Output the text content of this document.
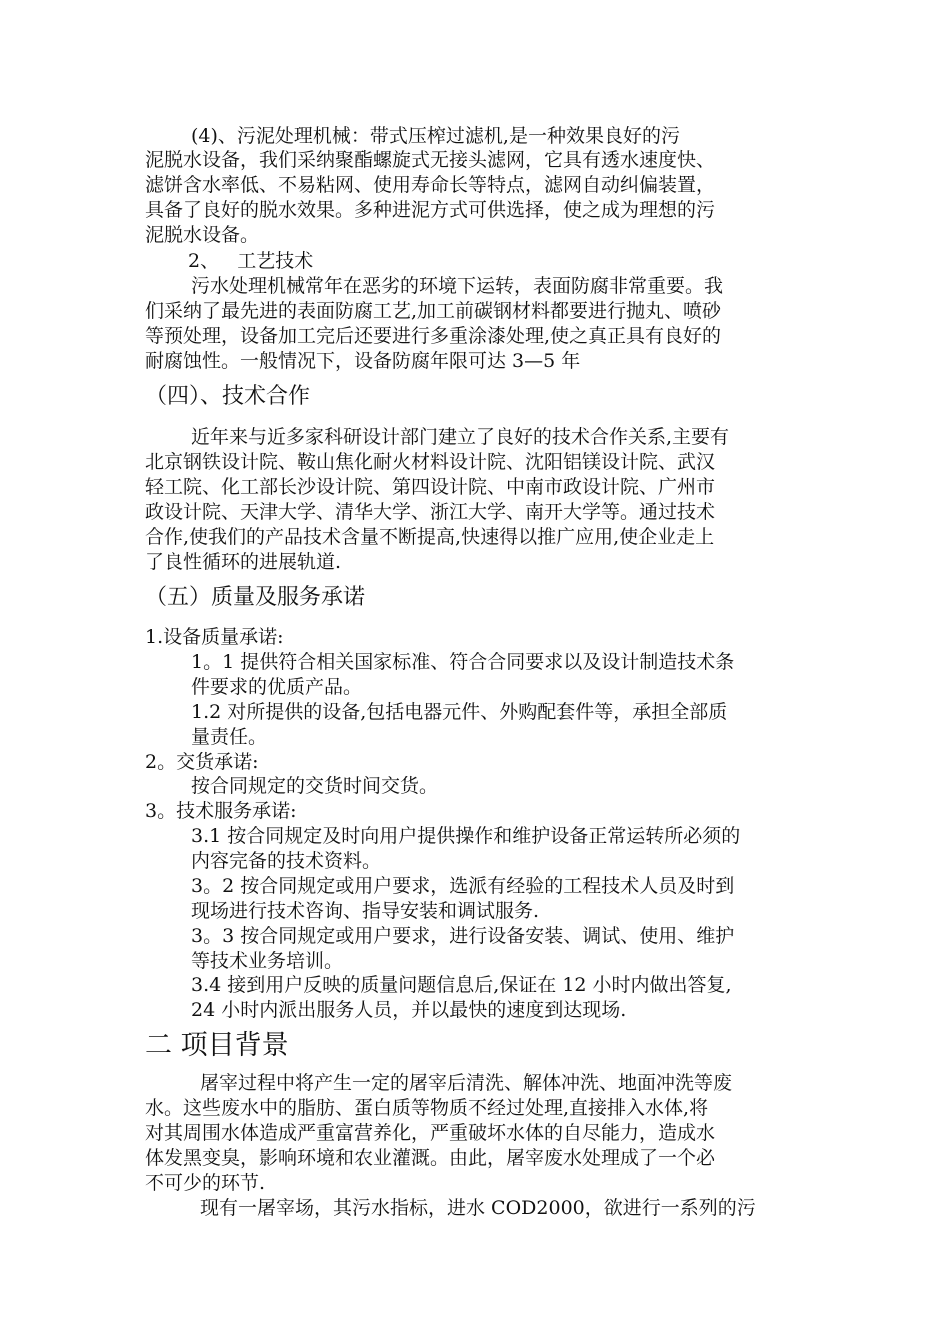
(4)、污泥处理机械：带式压榨过滤机,是一种效果良好的污
泥脱水设备，我们采纳聚酯螺旋式无接头滤网，它具有透水速度快、
滤饼含水率低、不易粘网、使用寿命长等特点，滤网自动纠偏装置，
具备了良好的脱水效果。多种进泥方式可供选择，使之成为理想的污
泥脱水设备。
2、   工艺技术
污水处理机械常年在恶劣的环境下运转，表面防腐非常重要。我
们采纳了最先进的表面防腐工艺,加工前碳钢材料都要进行抛丸、喷砂
等预处理，设备加工完后还要进行多重涂漆处理,使之真正具有良好的
耐腐蚀性。一般情况下，设备防腐年限可达 3—5 年
（四）、技术合作
近年来与近多家科研设计部门建立了良好的技术合作关系,主要有
北京钢铁设计院、鞍山焦化耐火材料设计院、沈阳铝镁设计院、武汉
轻工院、化工部长沙设计院、第四设计院、中南市政设计院、广州市
政设计院、天津大学、清华大学、浙江大学、南开大学等。通过技术
合作,使我们的产品技术含量不断提高,快速得以推广应用,使企业走上
了良性循环的进展轨道.
（五）质量及服务承诺
1.设备质量承诺:
1。1 提供符合相关国家标准、符合合同要求以及设计制造技术条
件要求的优质产品。
1.2 对所提供的设备,包括电器元件、外购配套件等，承担全部质
量责任。
2。交货承诺:
按合同规定的交货时间交货。
3。技术服务承诺:
3.1 按合同规定及时向用户提供操作和维护设备正常运转所必须的
内容完备的技术资料。
3。2 按合同规定或用户要求，选派有经验的工程技术人员及时到
现场进行技术咨询、指导安装和调试服务.
3。3 按合同规定或用户要求，进行设备安装、调试、使用、维护
等技术业务培训。
3.4 接到用户反映的质量问题信息后,保证在 12 小时内做出答复,
24 小时内派出服务人员，并以最快的速度到达现场.
二 项目背景
屠宰过程中将产生一定的屠宰后清洗、解体冲洗、地面冲洗等废
水。这些废水中的脂肪、蛋白质等物质不经过处理,直接排入水体,将
对其周围水体造成严重富营养化，严重破坏水体的自尽能力，造成水
体发黑变臭，影响环境和农业灌溉。由此，屠宰废水处理成了一个必
不可少的环节.
现有一屠宰场，其污水指标，进水 COD2000，欲进行一系列的污
